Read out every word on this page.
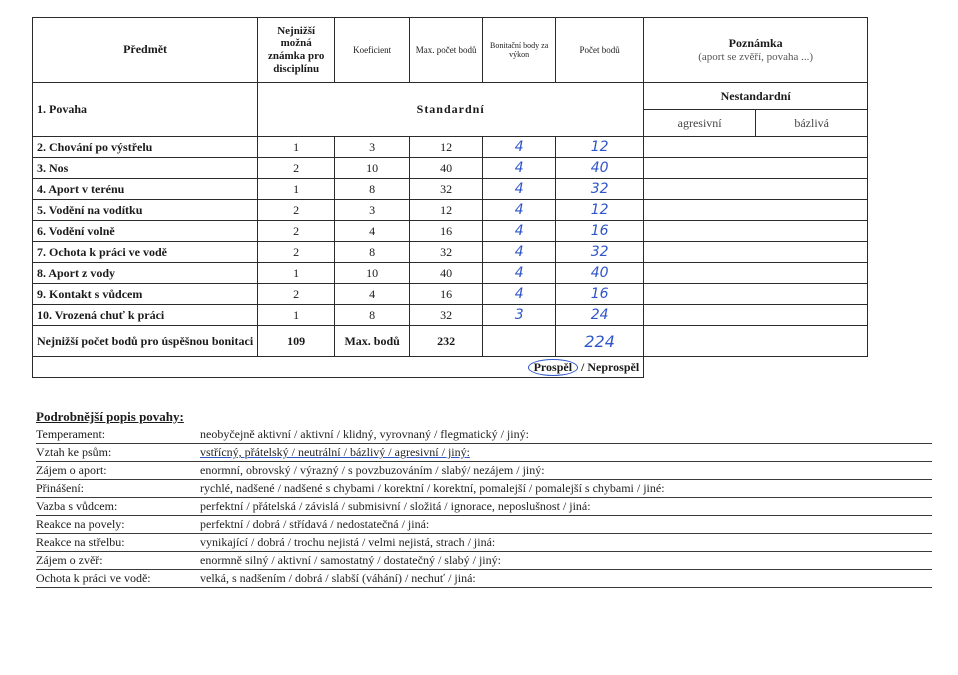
Předmět	Nejnižší možná známka pro disciplínu	Koeficient	Max. počet bodů	Bonitační body za výkon	Počet bodů	Poznámka
(aport se zvěří, povaha ...)	

1. Povaha	Standardní					Nestandardní	
						agresivní	bázlivá
2. Chování po výstřelu	1	3	12	4	12		
3. Nos	2	10	40	4	40		
4. Aport v terénu	1	8	32	4	32		
5. Vodění na vodítku	2	3	12	4	12		
6. Vodění volně	2	4	16	4	16		
7. Ochota k práci ve vodě	2	8	32	4	32		
8. Aport z vody	1	10	40	4	40		
9. Kontakt s vůdcem	2	4	16	4	16		
10. Vrozená chuť k práci	1	8	32	3	24		
Nejnižší počet bodů pro úspěšnou bonitaci	109	Max. bodů	232		224		
Prospěl / Neprospěl							
Podrobnější popis povahy:
Temperament:	neobyčejně aktivní / aktivní / klidný, vyrovnaný / flegmatický / jiný:
Vztah ke psům:	vstřícný, přátelský / neutrální / bázlivý / agresivní / jiný:
Zájem o aport:	enormní, obrovský / výrazný / s povzbuzováním / slabý/ nezájem / jiný:
Přinášení:	rychlé, nadšené / nadšené s chybami / korektní / korektní, pomalejší / pomalejší s chybami / jiné:
Vazba s vůdcem:	perfektní / přátelská / závislá / submisivní / složitá / ignorace, neposlušnost / jiná:
Reakce na povely:	perfektní / dobrá / střídavá / nedostatečná / jiná:
Reakce na střelbu:	vynikající / dobrá / trochu nejistá / velmi nejistá, strach / jiná:
Zájem o zvěř:	enormně silný / aktivní / samostatný / dostatečný / slabý / jiný:
Ochota k práci ve vodě:	velká, s nadšením / dobrá / slabší (váhání) / nechuť / jiná:
